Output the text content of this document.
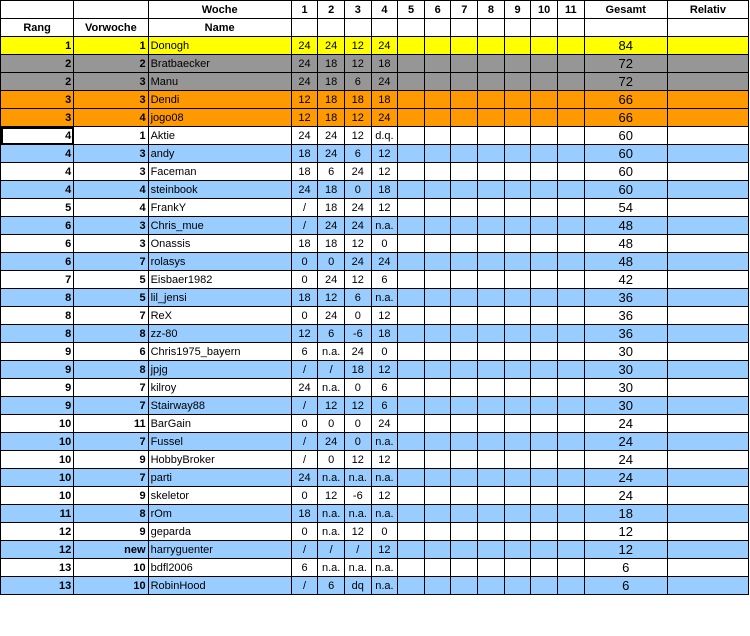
		Woche	1	2	3	4	5	6	7	8	9	10	11	Gesamt	Relativ
Rang	Vorwoche	Name													
1	1	Donogh	24	24	12	24								84	
2	2	Bratbaecker	24	18	12	18								72	
2	3	Manu	24	18	6	24								72	
3	3	Dendi	12	18	18	18								66	
3	4	jogo08	12	18	12	24								66	
4	1	Aktie	24	24	12	d.q.								60	
4	3	andy	18	24	6	12								60	
4	3	Faceman	18	6	24	12								60	
4	4	steinbook	24	18	0	18								60	
5	4	FrankY	/	18	24	12								54	
6	3	Chris_mue	/	24	24	n.a.								48	
6	3	Onassis	18	18	12	0								48	
6	7	rolasys	0	0	24	24								48	
7	5	Eisbaer1982	0	24	12	6								42	
8	5	lil_jensi	18	12	6	n.a.								36	
8	7	ReX	0	24	0	12								36	
8	8	zz-80	12	6	-6	18								36	
9	6	Chris1975_bayern	6	n.a.	24	0								30	
9	8	jpjg	/	/	18	12								30	
9	7	kilroy	24	n.a.	0	6								30	
9	7	Stairway88	/	12	12	6								30	
10	11	BarGain	0	0	0	24								24	
10	7	Fussel	/	24	0	n.a.								24	
10	9	HobbyBroker	/	0	12	12								24	
10	7	parti	24	n.a.	n.a.	n.a.								24	
10	9	skeletor	0	12	-6	12								24	
11	8	rOm	18	n.a.	n.a.	n.a.								18	
12	9	geparda	0	n.a.	12	0								12	
12	new	harryguenter	/	/	/	12								12	
13	10	bdfl2006	6	n.a.	n.a.	n.a.								6	
13	10	RobinHood	/	6	dq	n.a.								6	
